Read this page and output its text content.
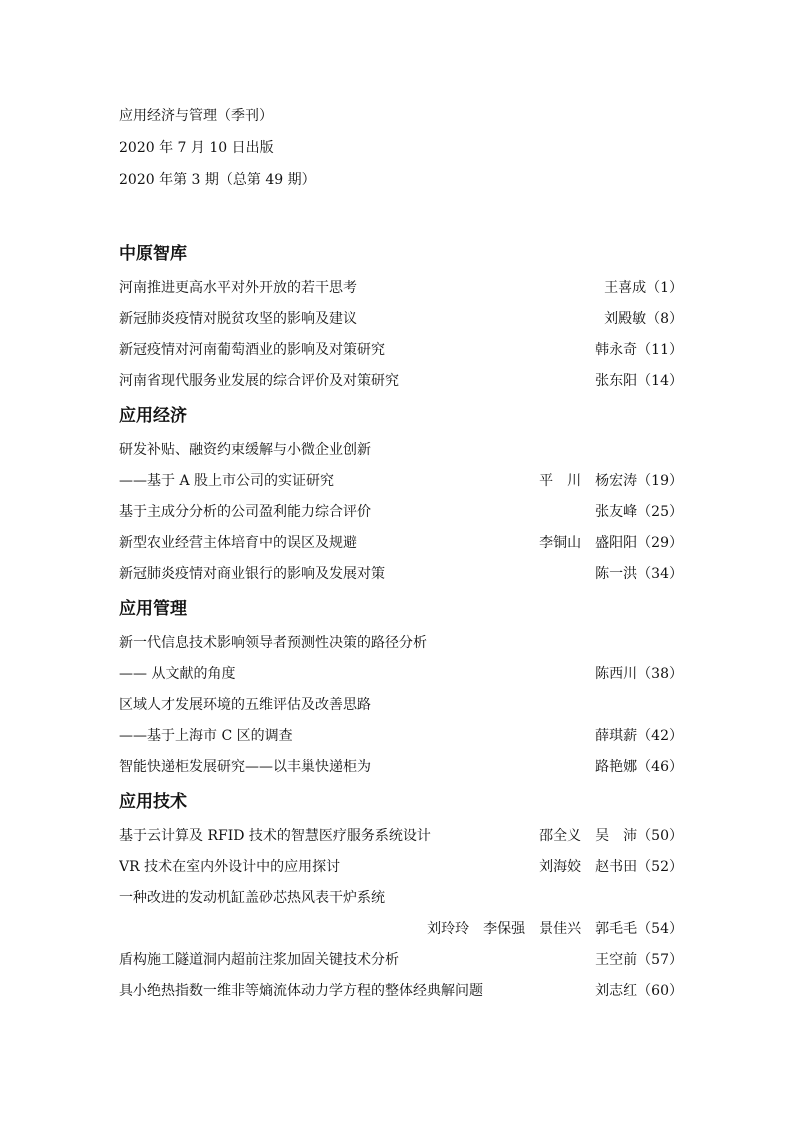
应用经济与管理（季刊）
2020 年 7 月 10 日出版
2020 年第 3 期（总第 49 期）
中原智库
河南推进更高水平对外开放的若干思考	王喜成（1）
新冠肺炎疫情对脱贫攻坚的影响及建议	刘殿敏（8）
新冠疫情对河南葡萄酒业的影响及对策研究	韩永奇（11）
河南省现代服务业发展的综合评价及对策研究	张东阳（14）
应用经济
研发补贴、融资约束缓解与小微企业创新
——基于 A 股上市公司的实证研究	平　川　杨宏涛（19）
基于主成分分析的公司盈利能力综合评价	张友峰（25）
新型农业经营主体培育中的误区及规避	李铜山　盛阳阳（29）
新冠肺炎疫情对商业银行的影响及发展对策	陈一洪（34）
应用管理
新一代信息技术影响领导者预测性决策的路径分析
—— 从文献的角度	陈西川（38）
区域人才发展环境的五维评估及改善思路
——基于上海市 C 区的调查	薛琪薪（42）
智能快递柜发展研究——以丰巢快递柜为	路艳娜（46）
应用技术
基于云计算及 RFID 技术的智慧医疗服务系统设计	邵全义　吴　沛（50）
VR 技术在室内外设计中的应用探讨	刘海姣　赵书田（52）
一种改进的发动机缸盖砂芯热风表干炉系统
刘玲玲　李保强　景佳兴　郭毛毛（54）
盾构施工隧道洞内超前注浆加固关键技术分析	王空前（57）
具小绝热指数一维非等熵流体动力学方程的整体经典解问题	刘志红（60）
